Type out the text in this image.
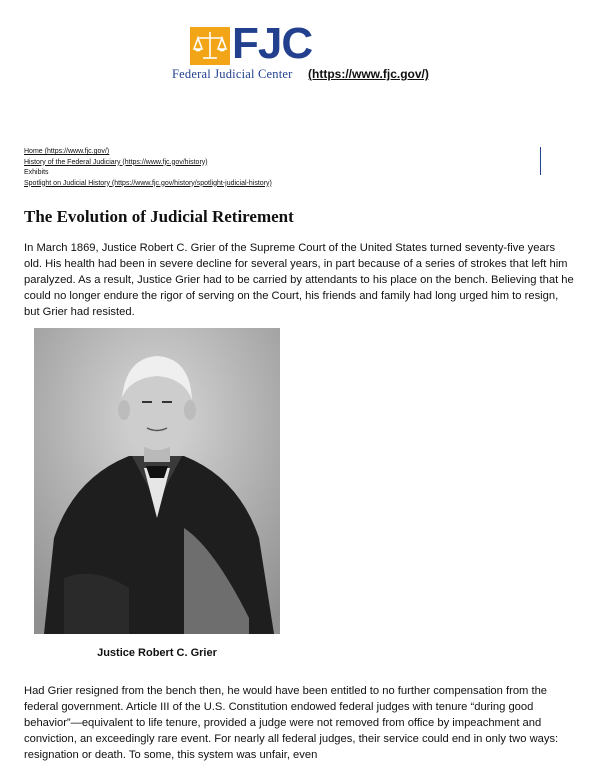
FJC
Federal Judicial Center (https://www.fjc.gov/)
Home (https://www.fjc.gov/)
History of the Federal Judiciary (https://www.fjc.gov/history)
Exhibits
Spotlight on Judicial History (https://www.fjc.gov/history/spotlight-judicial-history)
The Evolution of Judicial Retirement

In March 1869, Justice Robert C. Grier of the Supreme Court of the United States turned seventy-five years old. His health had been in severe decline for several years, in part because of a series of strokes that left him paralyzed. As a result, Justice Grier had to be carried by attendants to his place on the bench. Believing that he could no longer endure the rigor of serving on the Court, his friends and family had long urged him to resign, but Grier had resisted.

Justice Robert C. Grier

Had Grier resigned from the bench then, he would have been entitled to no further compensation from the federal government. Article III of the U.S. Constitution endowed federal judges with tenure “during good behavior”—equivalent to life tenure, provided a judge were not removed from office by impeachment and conviction, an exceedingly rare event. For nearly all federal judges, their service could end in only two ways: resignation or death. To some, this system was unfair, even
